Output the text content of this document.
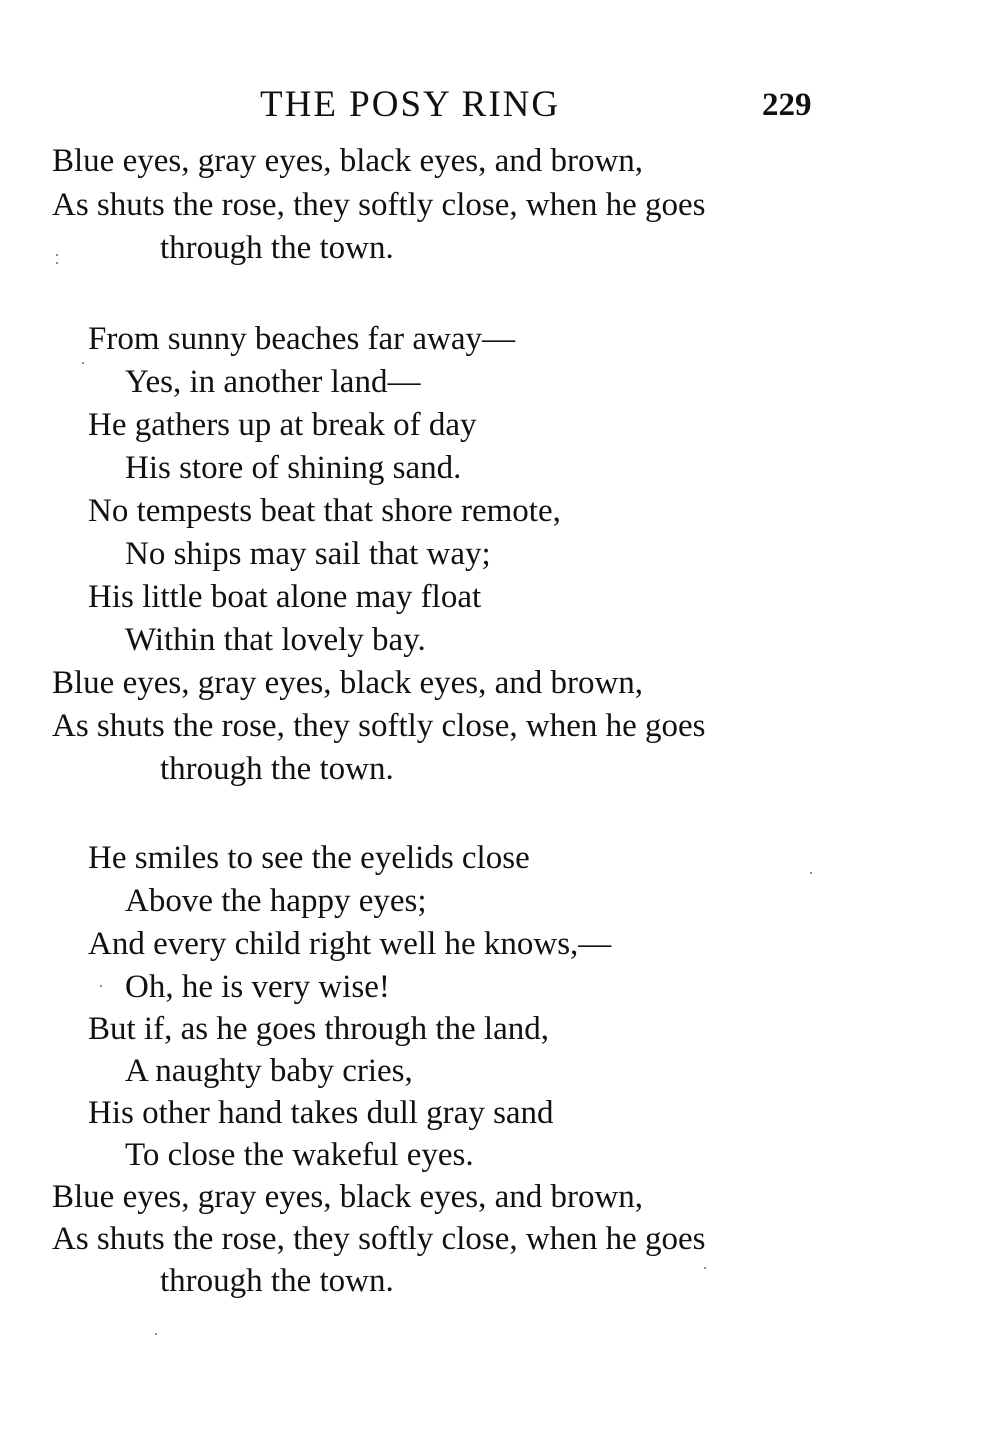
THE POSY RING	229
Blue eyes, gray eyes, black eyes, and brown,
As shuts the rose, they softly close, when he goes
through the town.
From sunny beaches far away—
Yes, in another land—
He gathers up at break of day
His store of shining sand.
No tempests beat that shore remote,
No ships may sail that way;
His little boat alone may float
Within that lovely bay.
Blue eyes, gray eyes, black eyes, and brown,
As shuts the rose, they softly close, when he goes
through the town.
He smiles to see the eyelids close
Above the happy eyes;
And every child right well he knows,—
Oh, he is very wise!
But if, as he goes through the land,
A naughty baby cries,
His other hand takes dull gray sand
To close the wakeful eyes.
Blue eyes, gray eyes, black eyes, and brown,
As shuts the rose, they softly close, when he goes
through the town.
